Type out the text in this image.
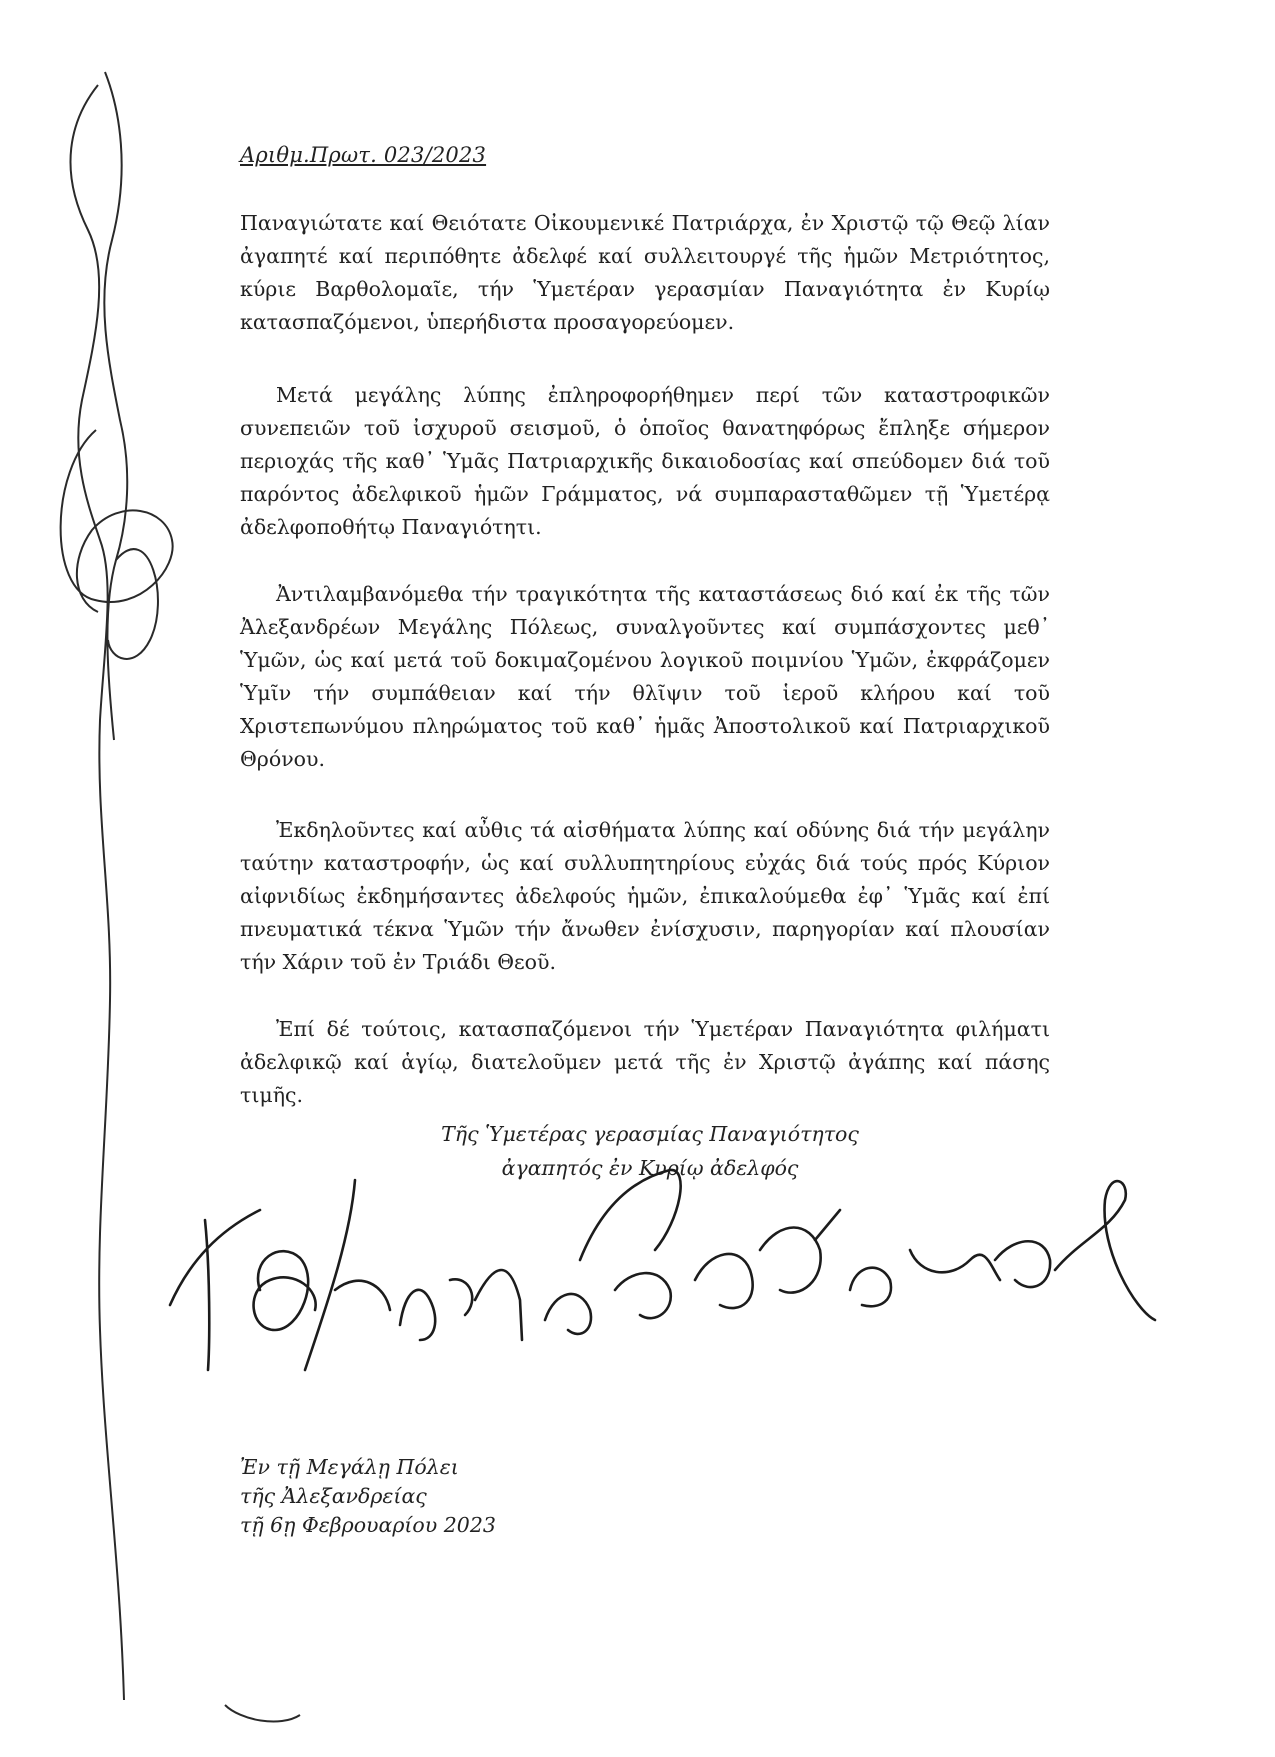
Αριθμ.Πρωτ. 023/2023

Παναγιώτατε καί Θειότατε Οἰκουμενικέ Πατριάρχα, ἐν Χριστῷ τῷ Θεῷ λίαν ἀγαπητέ καί περιπόθητε ἀδελφέ καί συλλειτουργέ τῆς ἡμῶν Μετριότητος, κύριε Βαρθολομαῖε, τήν Ὑμετέραν γερασμίαν Παναγιότητα ἐν Κυρίῳ κατασπαζόμενοι, ὑπερήδιστα προσαγορεύομεν.

Μετά μεγάλης λύπης ἐπληροφορήθημεν περί τῶν καταστροφικῶν συνεπειῶν τοῦ ἰσχυροῦ σεισμοῦ, ὁ ὁποῖος θανατηφόρως ἔπληξε σήμερον περιοχάς τῆς καθ᾽ Ὑμᾶς Πατριαρχικῆς δικαιοδοσίας καί σπεύδομεν διά τοῦ παρόντος ἀδελφικοῦ ἡμῶν Γράμματος, νά συμπαρασταθῶμεν τῇ Ὑμετέρᾳ ἀδελφοποθήτῳ Παναγιότητι.

Ἀντιλαμβανόμεθα τήν τραγικότητα τῆς καταστάσεως διό καί ἐκ τῆς τῶν Ἀλεξανδρέων Μεγάλης Πόλεως, συναλγοῦντες καί συμπάσχοντες μεθ᾽ Ὑμῶν, ὡς καί μετά τοῦ δοκιμαζομένου λογικοῦ ποιμνίου Ὑμῶν, ἐκφράζομεν Ὑμῖν τήν συμπάθειαν καί τήν θλῖψιν τοῦ ἱεροῦ κλήρου καί τοῦ Χριστεπωνύμου πληρώματος τοῦ καθ᾽ ἡμᾶς Ἀποστολικοῦ καί Πατριαρχικοῦ Θρόνου.

Ἐκδηλοῦντες καί αὖθις τά αἰσθήματα λύπης καί οδύνης διά τήν μεγάλην ταύτην καταστροφήν, ὡς καί συλλυπητηρίους εὐχάς διά τούς πρός Κύριον αἰφνιδίως ἐκδημήσαντες ἀδελφούς ἡμῶν, ἐπικαλούμεθα ἐφ᾽ Ὑμᾶς καί ἐπί πνευματικά τέκνα Ὑμῶν τήν ἄνωθεν ἐνίσχυσιν, παρηγορίαν καί πλουσίαν τήν Χάριν τοῦ ἐν Τριάδι Θεοῦ.

Ἐπί δέ τούτοις, κατασπαζόμενοι τήν Ὑμετέραν Παναγιότητα φιλήματι ἀδελφικῷ καί ἁγίῳ, διατελοῦμεν μετά τῆς ἐν Χριστῷ ἀγάπης καί πάσης τιμῆς.

Τῆς Ὑμετέρας γερασμίας Παναγιότητος
ἀγαπητός ἐν Κυρίῳ ἀδελφός
Ἐν τῇ Μεγάλῃ Πόλει
τῆς Ἀλεξανδρείας
τῇ 6ῃ Φεβρουαρίου 2023
